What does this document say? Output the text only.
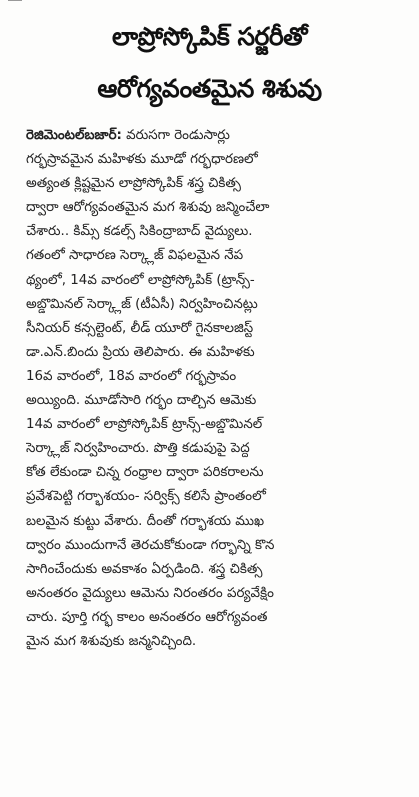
లాప్రోస్కోపిక్ సర్జరీతో
ఆరోగ్యవంతమైన శిశువు
రెజిమెంటల్‌బజార్: వరుసగా రెండుసార్లు
గర్భస్రావమైన మహిళకు మూడో గర్భధారణలో
అత్యంత క్లిష్టమైన లాప్రోస్కోపిక్ శస్త్ర చికిత్స
ద్వారా ఆరోగ్యవంతమైన మగ శిశువు జన్మించేలా
చేశారు.. కిమ్స్ కడల్స్ సికింద్రాబాద్ వైద్యులు.
గతంలో సాధారణ సెర్క్లాజ్ విఫలమైన నేప
థ్యంలో, 14వ వారంలో లాప్రోస్కోపిక్ (ట్రాన్స్-
అబ్డొమినల్ సెర్క్లాజ్ (టీఏసీ) నిర్వహించినట్లు
సీనియర్ కన్సల్టెంట్, లీడ్ యూరో గైనకాలజిస్ట్
డా.ఎన్.బిందు ప్రియ తెలిపారు. ఈ మహిళకు
16వ వారంలో, 18వ వారంలో గర్భస్రావం
అయ్యింది. మూడోసారి గర్భం దాల్చిన ఆమెకు
14వ వారంలో లాప్రోస్కోపిక్ ట్రాన్స్-అబ్డొమినల్
సెర్క్లాజ్ నిర్వహించారు. పొత్తి కడుపుపై పెద్ద
కోత లేకుండా చిన్న రంధ్రాల ద్వారా పరికరాలను
ప్రవేశపెట్టి గర్భాశయం- సర్విక్స్ కలిసే ప్రాంతంలో
బలమైన కుట్టు వేశారు. దీంతో గర్భాశయ ముఖ
ద్వారం ముందుగానే తెరచుకోకుండా గర్భాన్ని కొన
సాగించేందుకు అవకాశం ఏర్పడింది. శస్త్ర చికిత్స
అనంతరం వైద్యులు ఆమెను నిరంతరం పర్యవేక్షిం
చారు. పూర్తి గర్భ కాలం అనంతరం ఆరోగ్యవంత
మైన మగ శిశువుకు జన్మనిచ్చింది.
